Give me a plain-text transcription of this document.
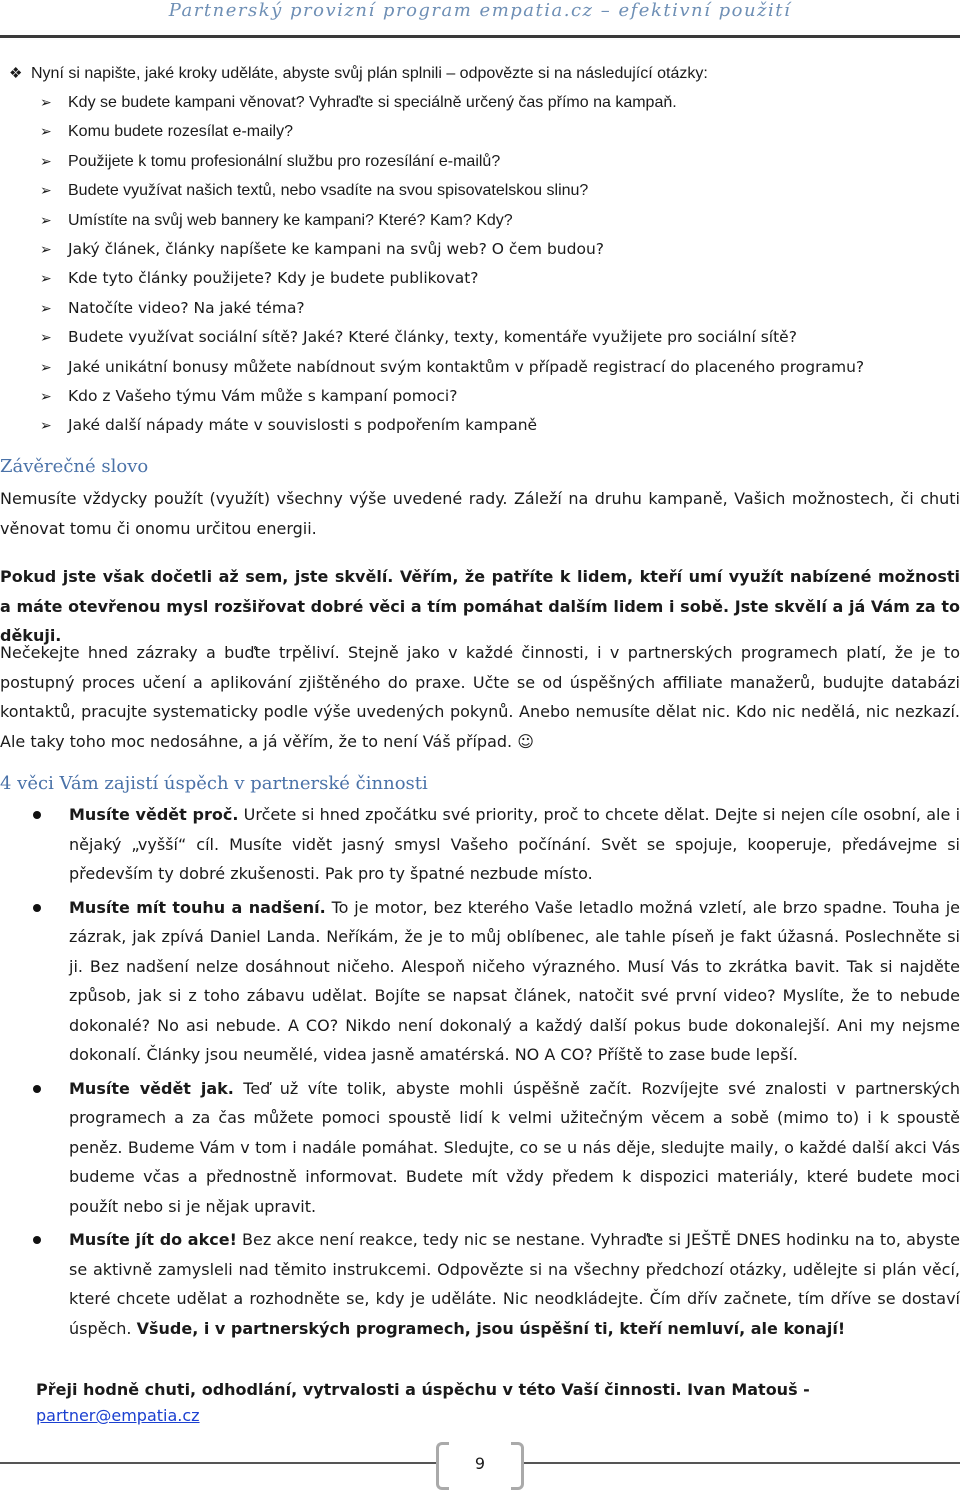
Partnerský provizní program empatia.cz – efektivní použití
❖ Nyní si napište, jaké kroky uděláte, abyste svůj plán splnili – odpovězte si na následující otázky:
➢ Kdy se budete kampani věnovat? Vyhraďte si speciálně určený čas přímo na kampaň.
➢ Komu budete rozesílat e-maily?
➢ Použijete k tomu profesionální službu pro rozesílání e-mailů?
➢ Budete využívat našich textů, nebo vsadíte na svou spisovatelskou slinu?
➢ Umístíte na svůj web bannery ke kampani? Které? Kam? Kdy?
➢ Jaký článek, články napíšete ke kampani na svůj web? O čem budou?
➢ Kde tyto články použijete? Kdy je budete publikovat?
➢ Natočíte video? Na jaké téma?
➢ Budete využívat sociální sítě? Jaké? Které články, texty, komentáře využijete pro sociální sítě?
➢ Jaké unikátní bonusy můžete nabídnout svým kontaktům v případě registrací do placeného programu?
➢ Kdo z Vašeho týmu Vám může s kampaní pomoci?
➢ Jaké další nápady máte v souvislosti s podpořením kampaně
Závěrečné slovo

Nemusíte vždycky použít (využít) všechny výše uvedené rady. Záleží na druhu kampaně, Vašich možnostech, či chuti věnovat tomu či onomu určitou energii.

Pokud jste však dočetli až sem, jste skvělí. Věřím, že patříte k lidem, kteří umí využít nabízené možnosti a máte otevřenou mysl rozšiřovat dobré věci a tím pomáhat dalším lidem i sobě. Jste skvělí a já Vám za to děkuji.

Nečekejte hned zázraky a buďte trpěliví. Stejně jako v každé činnosti, i v partnerských programech platí, že je to postupný proces učení a aplikování zjištěného do praxe. Učte se od úspěšných affiliate manažerů, budujte databázi kontaktů, pracujte systematicky podle výše uvedených pokynů. Anebo nemusíte dělat nic. Kdo nic nedělá, nic nezkazí. Ale taky toho moc nedosáhne, a já věřím, že to není Váš případ. ☺

4 věci Vám zajistí úspěch v partnerské činnosti
Musíte vědět proč. Určete si hned zpočátku své priority, proč to chcete dělat. Dejte si nejen cíle osobní, ale i nějaký „vyšší“ cíl. Musíte vidět jasný smysl Vašeho počínání. Svět se spojuje, kooperuje, předávejme si především ty dobré zkušenosti. Pak pro ty špatné nezbude místo.
Musíte mít touhu a nadšení. To je motor, bez kterého Vaše letadlo možná vzletí, ale brzo spadne. Touha je zázrak, jak zpívá Daniel Landa. Neříkám, že je to můj oblíbenec, ale tahle píseň je fakt úžasná. Poslechněte si ji. Bez nadšení nelze dosáhnout ničeho. Alespoň ničeho výrazného. Musí Vás to zkrátka bavit. Tak si najděte způsob, jak si z toho zábavu udělat. Bojíte se napsat článek, natočit své první video? Myslíte, že to nebude dokonalé? No asi nebude. A CO? Nikdo není dokonalý a každý další pokus bude dokonalejší. Ani my nejsme dokonalí. Články jsou neumělé, videa jasně amatérská. NO A CO? Příště to zase bude lepší.
Musíte vědět jak. Teď už víte tolik, abyste mohli úspěšně začít. Rozvíjejte své znalosti v partnerských programech a za čas můžete pomoci spoustě lidí k velmi užitečným věcem a sobě (mimo to) i k spoustě peněz. Budeme Vám v tom i nadále pomáhat. Sledujte, co se u nás děje, sledujte maily, o každé další akci Vás budeme včas a přednostně informovat. Budete mít vždy předem k dispozici materiály, které budete moci použít nebo si je nějak upravit.
Musíte jít do akce! Bez akce není reakce, tedy nic se nestane. Vyhraďte si JEŠTĚ DNES hodinku na to, abyste se aktivně zamysleli nad těmito instrukcemi. Odpovězte si na všechny předchozí otázky, udělejte si plán věcí, které chcete udělat a rozhodněte se, kdy je uděláte. Nic neodkládejte. Čím dřív začnete, tím dříve se dostaví úspěch. Všude, i v partnerských programech, jsou úspěšní ti, kteří nemluví, ale konají!
Přeji hodně chuti, odhodlání, vytrvalosti a úspěchu v této Vaší činnosti. Ivan Matouš - partner@empatia.cz
9
